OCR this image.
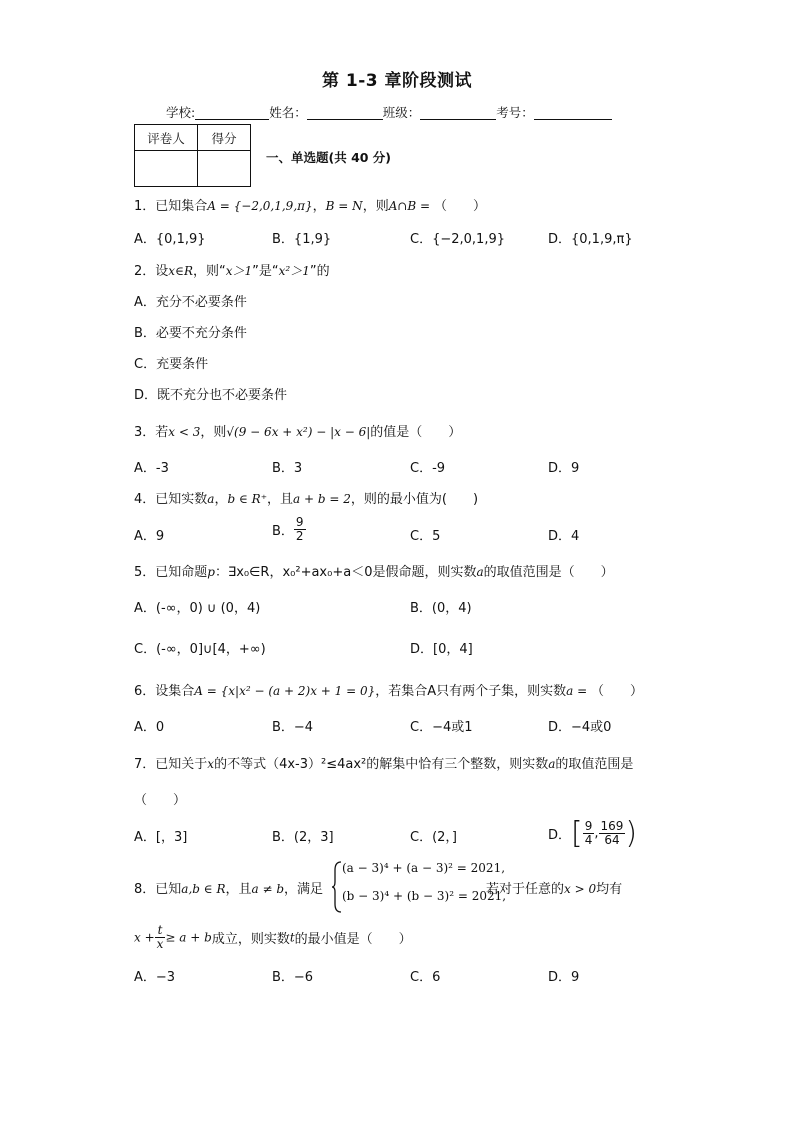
第 1-3 章阶段测试
学校:	姓名：	班级：	考号：
评卷人	得分

一、单选题(共 40 分)
1．已知集合A = {−2,0,1,9,π}，B = N，则A∩B = （　　）
A．{0,1,9}	B．{1,9}	C．{−2,0,1,9}	D．{0,1,9,π}
2．设x∈R，则“x＞1”是“x²＞1”的
A．充分不必要条件
B．必要不充分条件
C．充要条件
D．既不充分也不必要条件
3．若x < 3，则√(9 − 6x + x²) − |x − 6|的值是（　　）
A．-3	B．3	C．-9	D．9
4．已知实数a，b ∈ R⁺，且a + b = 2，则的最小值为(　　)
A．9	B． $\frac{9}{2}$	C．5	D．4
5．已知命题p：∃x₀∈R，x₀²+ax₀+a＜0是假命题，则实数a的取值范围是（　　）
A．(-∞，0) ∪ (0，4)	B．(0，4)
C．(-∞，0]∪[4，+∞)	D．[0，4]
6．设集合A = {x|x² − (a + 2)x + 1 = 0}，若集合A只有两个子集，则实数a = （　　）
A．0	B．−4	C．−4或1	D．−4或0
7．已知关于x的不等式（4x-3）²≤4ax²的解集中恰有三个整数，则实数a的取值范围是
（　　）
A．[，3]	B．(2，3]	C．(2，]	D．[ $\frac{9}{4}$ , $\frac{169}{64}$ )
8．已知a,b ∈ R，且a ≠ b，满足
(a − 3)⁴ + (a − 3)² = 2021,
(b − 3)⁴ + (b − 3)² = 2021,
若对于任意的x > 0均有
$x + \frac{t}{x} \ge a + b$成立，则实数t的最小值是（　　）
A．−3	B．−6	C．6	D．9
